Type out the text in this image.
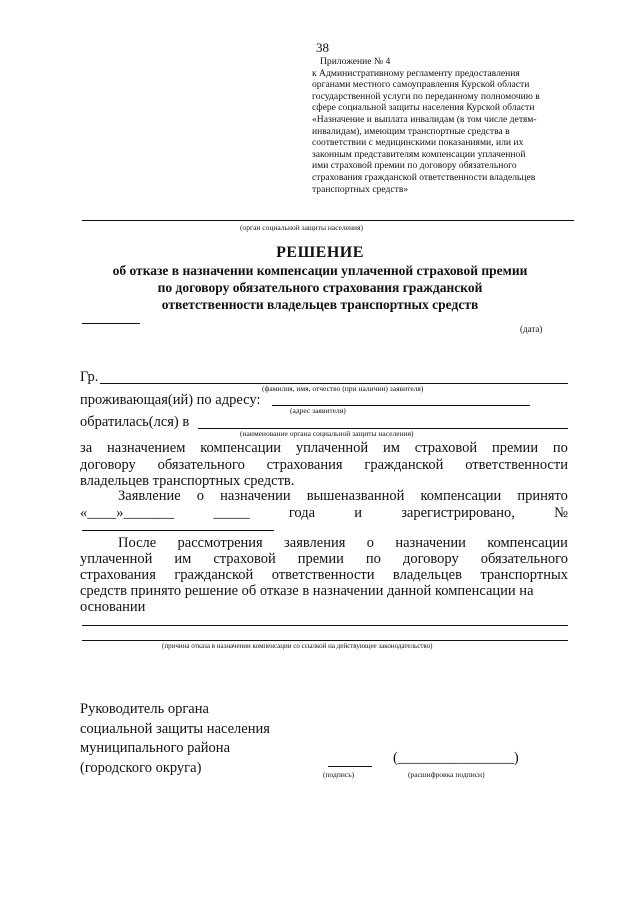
38
Приложение № 4
к Административному регламенту предоставления
органами местного самоуправления Курской области
государственной услуги по переданному полномочию в
сфере социальной защиты населения Курской области
«Назначение и выплата инвалидам (в том числе детям-
инвалидам), имеющим транспортные средства в
соответствии с медицинскими показаниями, или их
законным представителям компенсации уплаченной
ими страховой премии по договору обязательного
страхования гражданской ответственности владельцев
транспортных средств»
(орган социальной защиты населения)
РЕШЕНИЕ
об отказе в назначении компенсации уплаченной страховой премии
по договору обязательного страхования гражданской
ответственности владельцев транспортных средств
(дата)
Гр.
(фамилия, имя, отчество (при наличии) заявителя)
проживающая(ий) по адресу:
(адрес заявителя)
обратилась(лся) в
(наименование органа социальной защиты населения)
за назначением компенсации уплаченной им страховой премии по
договору обязательного страхования гражданской ответственности
владельцев транспортных средств.
Заявление о назначении вышеназванной компенсации принято
«____»_______	_____	года	и	зарегистрировано,	№
После рассмотрения заявления о назначении компенсации
уплаченной им страховой премии по договору обязательного
страхования гражданской ответственности владельцев транспортных
средств принято решение об отказе в назначении данной компенсации на
основании
(причина отказа в назначении компенсации со ссылкой на действующее законодательство)
Руководитель органа
социальной защиты населения
муниципального района
(городского округа)	(подпись)
(________________)
(расшифровка подписи)
